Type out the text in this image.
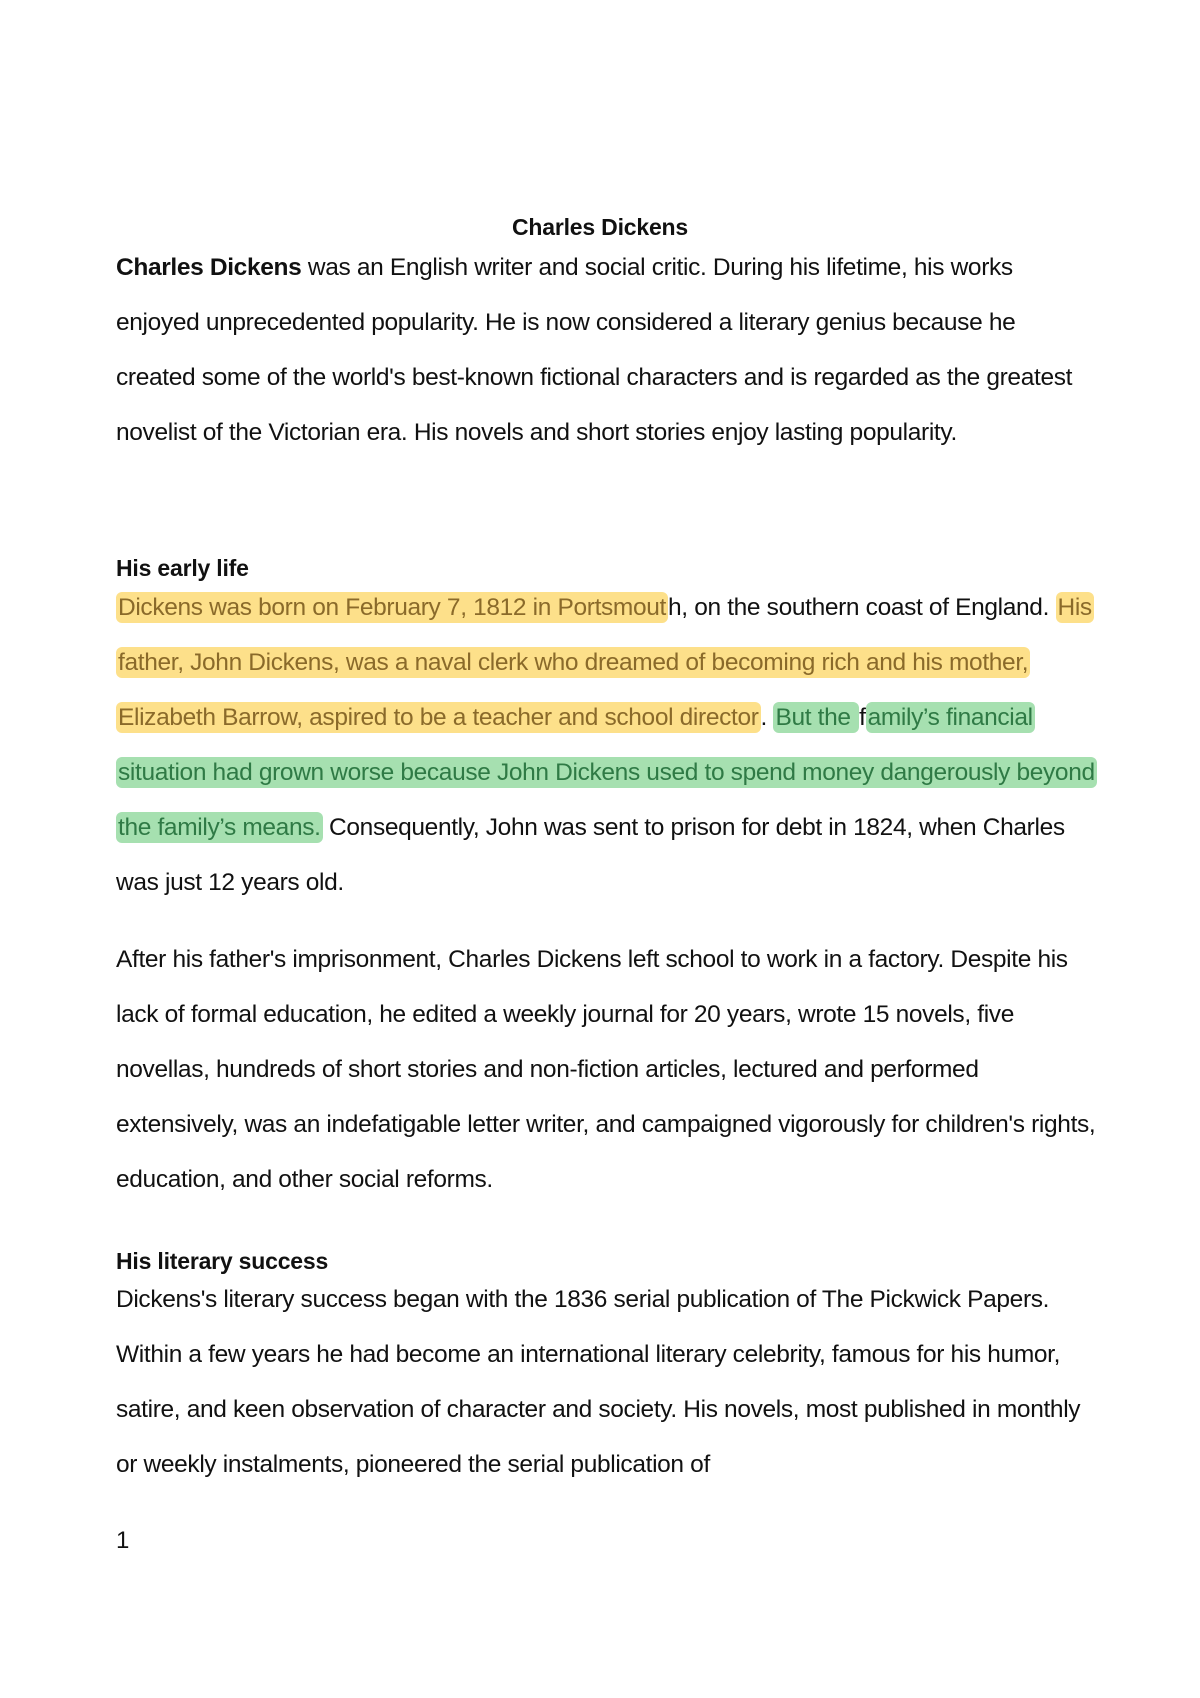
Charles Dickens

Charles Dickens was an English writer and social critic. During his lifetime, his works enjoyed unprecedented popularity. He is now considered a literary genius because he created some of the world's best-known fictional characters and is regarded as the greatest novelist of the Victorian era. His novels and short stories enjoy lasting popularity.

His early life

Dickens was born on February 7, 1812 in Portsmouth, on the southern coast of England. His father, John Dickens, was a naval clerk who dreamed of becoming rich and his mother, Elizabeth Barrow, aspired to be a teacher and school director. But the family’s financial situation had grown worse because John Dickens used to spend money dangerously beyond the family’s means. Consequently, John was sent to prison for debt in 1824, when Charles was just 12 years old.

After his father's imprisonment, Charles Dickens left school to work in a factory. Despite his lack of formal education, he edited a weekly journal for 20 years, wrote 15 novels, five novellas, hundreds of short stories and non-fiction articles, lectured and performed extensively, was an indefatigable letter writer, and campaigned vigorously for children's rights, education, and other social reforms.

His literary success

Dickens's literary success began with the 1836 serial publication of The Pickwick Papers. Within a few years he had become an international literary celebrity, famous for his humor, satire, and keen observation of character and society. His novels, most published in monthly or weekly instalments, pioneered the serial publication of

1
